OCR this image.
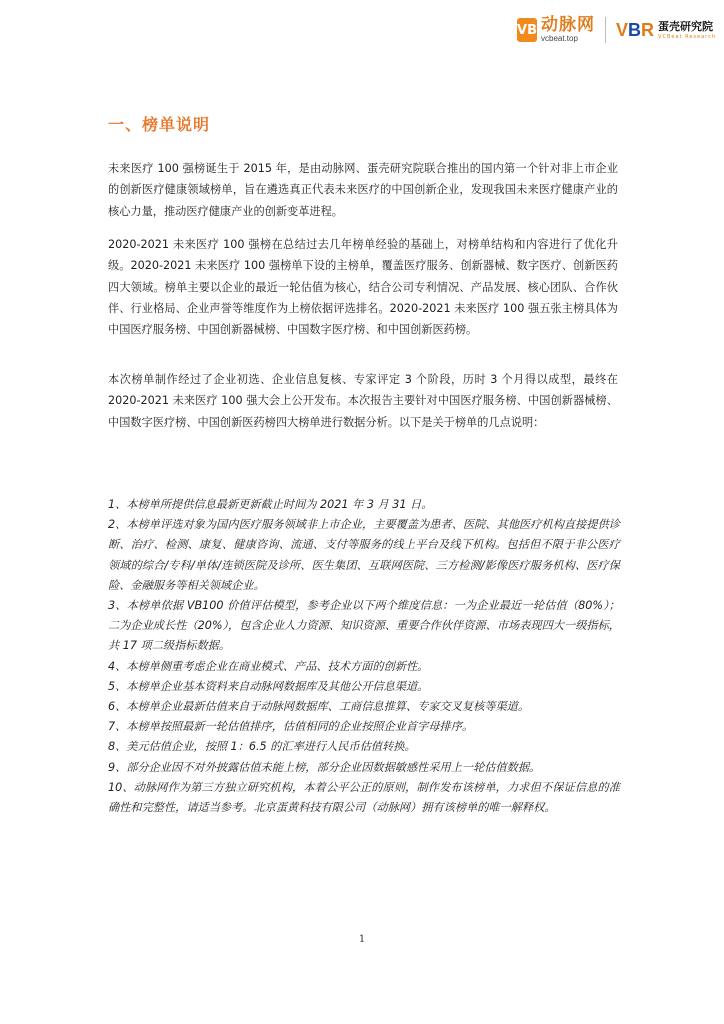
VB 动脉网
vcbeat.top	VBR 蛋壳研究院
VCBeat Research
一、榜单说明

未来医疗 100 强榜诞生于 2015 年，是由动脉网、蛋壳研究院联合推出的国内第一个针对非上市企业的创新医疗健康领域榜单，旨在遴选真正代表未来医疗的中国创新企业，发现我国未来医疗健康产业的核心力量，推动医疗健康产业的创新变革进程。

2020-2021 未来医疗 100 强榜在总结过去几年榜单经验的基础上，对榜单结构和内容进行了优化升级。2020-2021 未来医疗 100 强榜单下设的主榜单，覆盖医疗服务、创新器械、数字医疗、创新医药四大领域。榜单主要以企业的最近一轮估值为核心，结合公司专利情况、产品发展、核心团队、合作伙伴、行业格局、企业声誉等维度作为上榜依据评选排名。2020-2021 未来医疗 100 强五张主榜具体为中国医疗服务榜、中国创新器械榜、中国数字医疗榜、和中国创新医药榜。

本次榜单制作经过了企业初选、企业信息复核、专家评定 3 个阶段，历时 3 个月得以成型，最终在 2020-2021 未来医疗 100 强大会上公开发布。本次报告主要针对中国医疗服务榜、中国创新器械榜、中国数字医疗榜、中国创新医药榜四大榜单进行数据分析。以下是关于榜单的几点说明：

1、本榜单所提供信息最新更新截止时间为 2021 年 3 月 31 日。
2、本榜单评选对象为国内医疗服务领域非上市企业，主要覆盖为患者、医院、其他医疗机构直接提供诊断、治疗、检测、康复、健康咨询、流通、支付等服务的线上平台及线下机构。包括但不限于非公医疗领域的综合/专科/单体/连锁医院及诊所、医生集团、互联网医院、三方检测/影像医疗服务机构、医疗保险、金融服务等相关领域企业。
3、本榜单依据 VB100 价值评估模型，参考企业以下两个维度信息：一为企业最近一轮估值（80%）；二为企业成长性（20%），包含企业人力资源、知识资源、重要合作伙伴资源、市场表现四大一级指标，共 17 项二级指标数据。
4、本榜单侧重考虑企业在商业模式、产品、技术方面的创新性。
5、本榜单企业基本资料来自动脉网数据库及其他公开信息渠道。
6、本榜单企业最新估值来自于动脉网数据库、工商信息推算、专家交叉复核等渠道。
7、本榜单按照最新一轮估值排序，估值相同的企业按照企业首字母排序。
8、美元估值企业，按照 1：6.5 的汇率进行人民币估值转换。
9、部分企业因不对外披露估值未能上榜，部分企业因数据敏感性采用上一轮估值数据。
10、动脉网作为第三方独立研究机构，本着公平公正的原则，制作发布该榜单，力求但不保证信息的准确性和完整性，请适当参考。北京蛋黄科技有限公司（动脉网）拥有该榜单的唯一解释权。
1
